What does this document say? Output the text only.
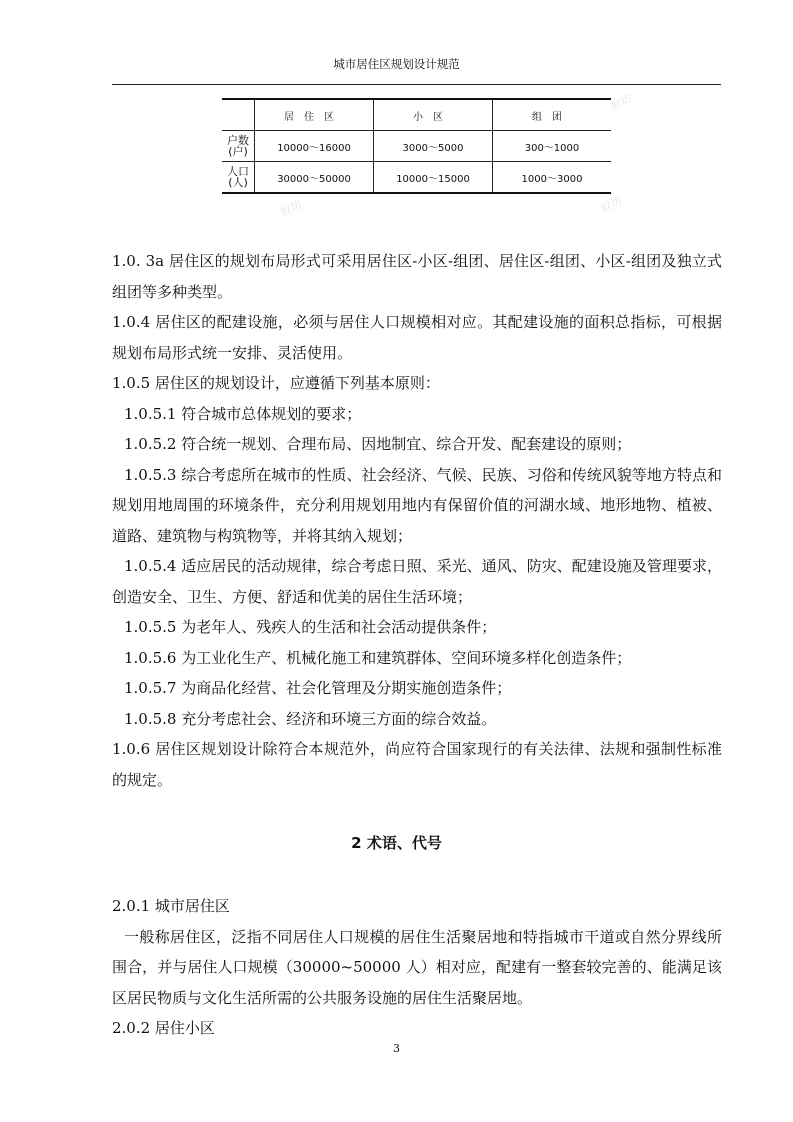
城市居住区规划设计规范
蚁坊
蚁坊	蚁坊
	居住区	小区	组团
户数(户)	10000～16000	3000～5000	300～1000
人口(人)	30000～50000	10000～15000	1000～3000

1.0. 3a 居住区的规划布局形式可采用居住区-小区-组团、居住区-组团、小区-组团及独立式组团等多种类型。

1.0.4 居住区的配建设施，必须与居住人口规模相对应。其配建设施的面积总指标，可根据规划布局形式统一安排、灵活使用。

1.0.5 居住区的规划设计，应遵循下列基本原则：

1.0.5.1 符合城市总体规划的要求；

1.0.5.2 符合统一规划、合理布局、因地制宜、综合开发、配套建设的原则；

1.0.5.3 综合考虑所在城市的性质、社会经济、气候、民族、习俗和传统风貌等地方特点和规划用地周围的环境条件，充分利用规划用地内有保留价值的河湖水域、地形地物、植被、道路、建筑物与构筑物等，并将其纳入规划；

1.0.5.4 适应居民的活动规律，综合考虑日照、采光、通风、防灾、配建设施及管理要求，创造安全、卫生、方便、舒适和优美的居住生活环境；

1.0.5.5 为老年人、残疾人的生活和社会活动提供条件；

1.0.5.6 为工业化生产、机械化施工和建筑群体、空间环境多样化创造条件；

1.0.5.7 为商品化经营、社会化管理及分期实施创造条件；

1.0.5.8 充分考虑社会、经济和环境三方面的综合效益。

1.0.6 居住区规划设计除符合本规范外，尚应符合国家现行的有关法律、法规和强制性标准的规定。

2 术语、代号

2.0.1 城市居住区

一般称居住区，泛指不同居住人口规模的居住生活聚居地和特指城市干道或自然分界线所围合，并与居住人口规模（30000~50000 人）相对应，配建有一整套较完善的、能满足该区居民物质与文化生活所需的公共服务设施的居住生活聚居地。

2.0.2 居住小区

3
